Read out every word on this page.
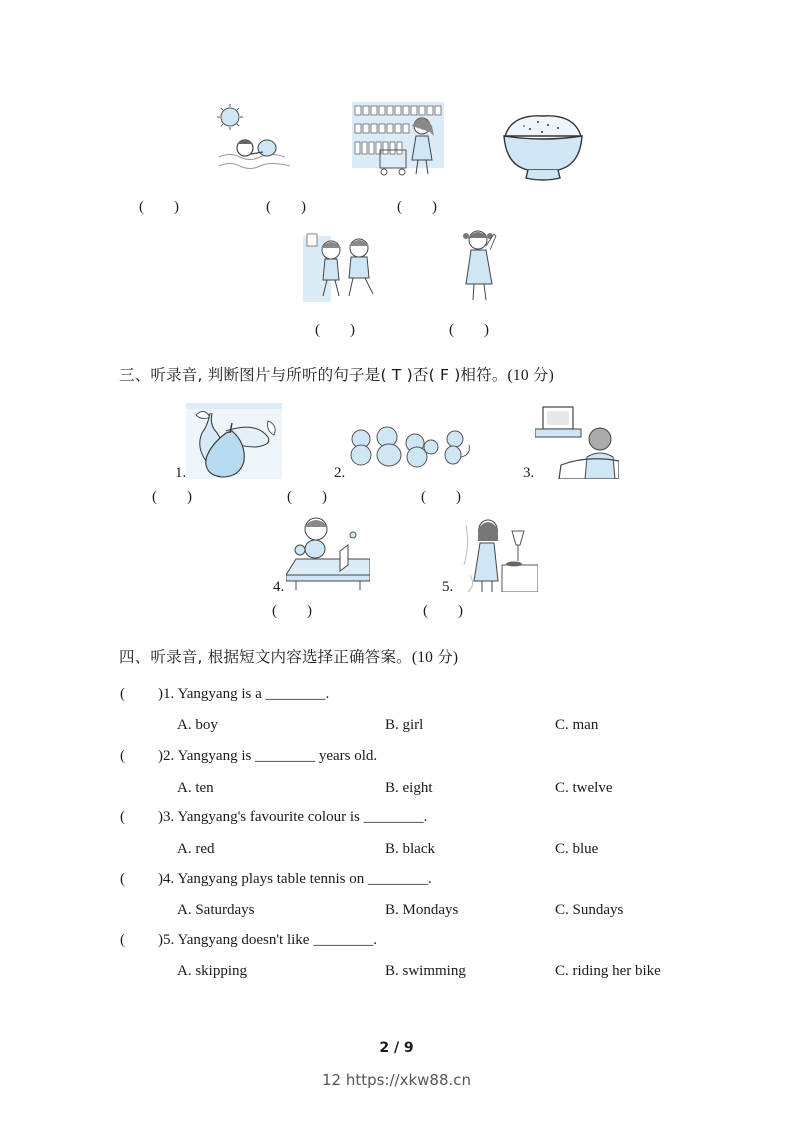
(        )	(        )	(        )
(        )	(        )
三、听录音, 判断图片与所听的句子是( T )否( F )相符。(10 分)
1.	2.	3.
(        )	(        )	(        )
4.	5.
(        )	(        )
四、听录音, 根据短文内容选择正确答案。(10 分)
( )1. Yangyang is a ________.
A. boy	B. girl	C. man
( )2. Yangyang is ________ years old.
A. ten	B. eight	C. twelve
( )3. Yangyang's favourite colour is ________.
A. red	B. black	C. blue
( )4. Yangyang plays table tennis on ________.
A. Saturdays	B. Mondays	C. Sundays
( )5. Yangyang doesn't like ________.
A. skipping	B. swimming	C. riding her bike
2 / 9
12 https://xkw88.cn
